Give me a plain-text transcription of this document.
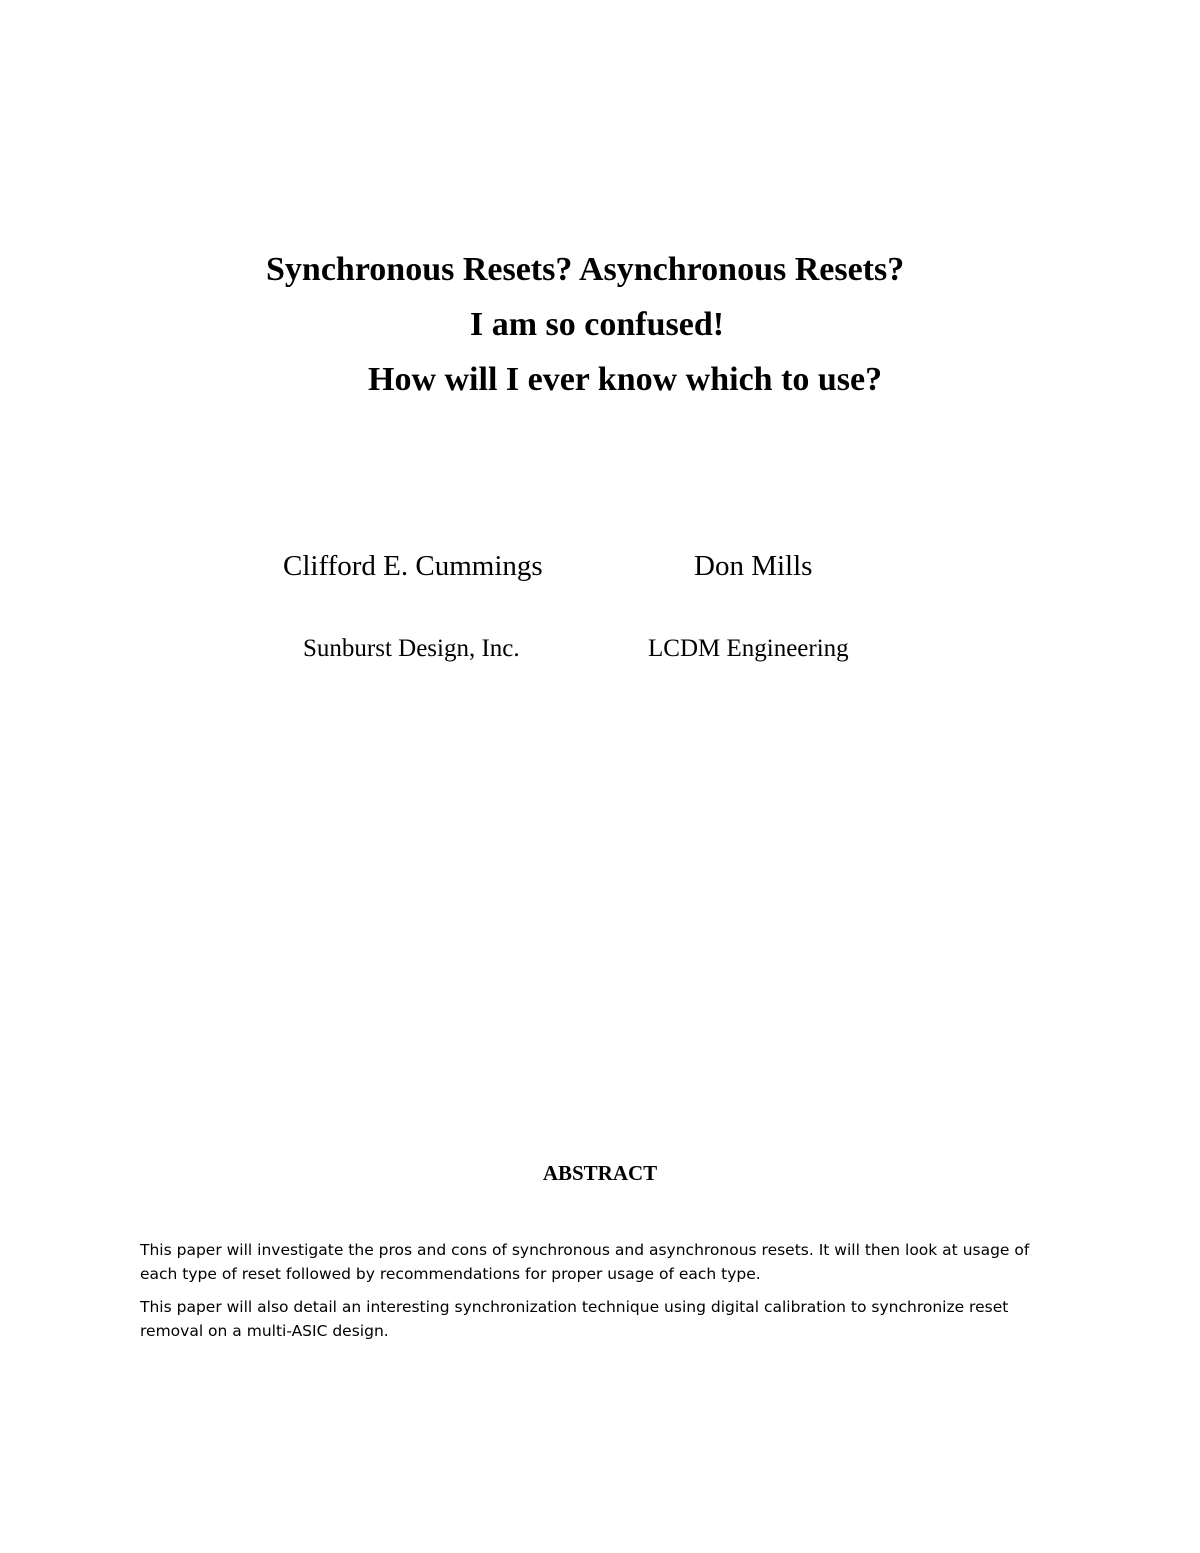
Synchronous Resets? Asynchronous Resets?
I am so confused!
How will I ever know which to use?
Clifford E. Cummings	Don Mills
Sunburst Design, Inc.	LCDM Engineering
ABSTRACT

This paper will investigate the pros and cons of synchronous and asynchronous resets. It will then look at usage of each type of reset followed by recommendations for proper usage of each type.

This paper will also detail an interesting synchronization technique using digital calibration to synchronize reset removal on a multi-ASIC design.
